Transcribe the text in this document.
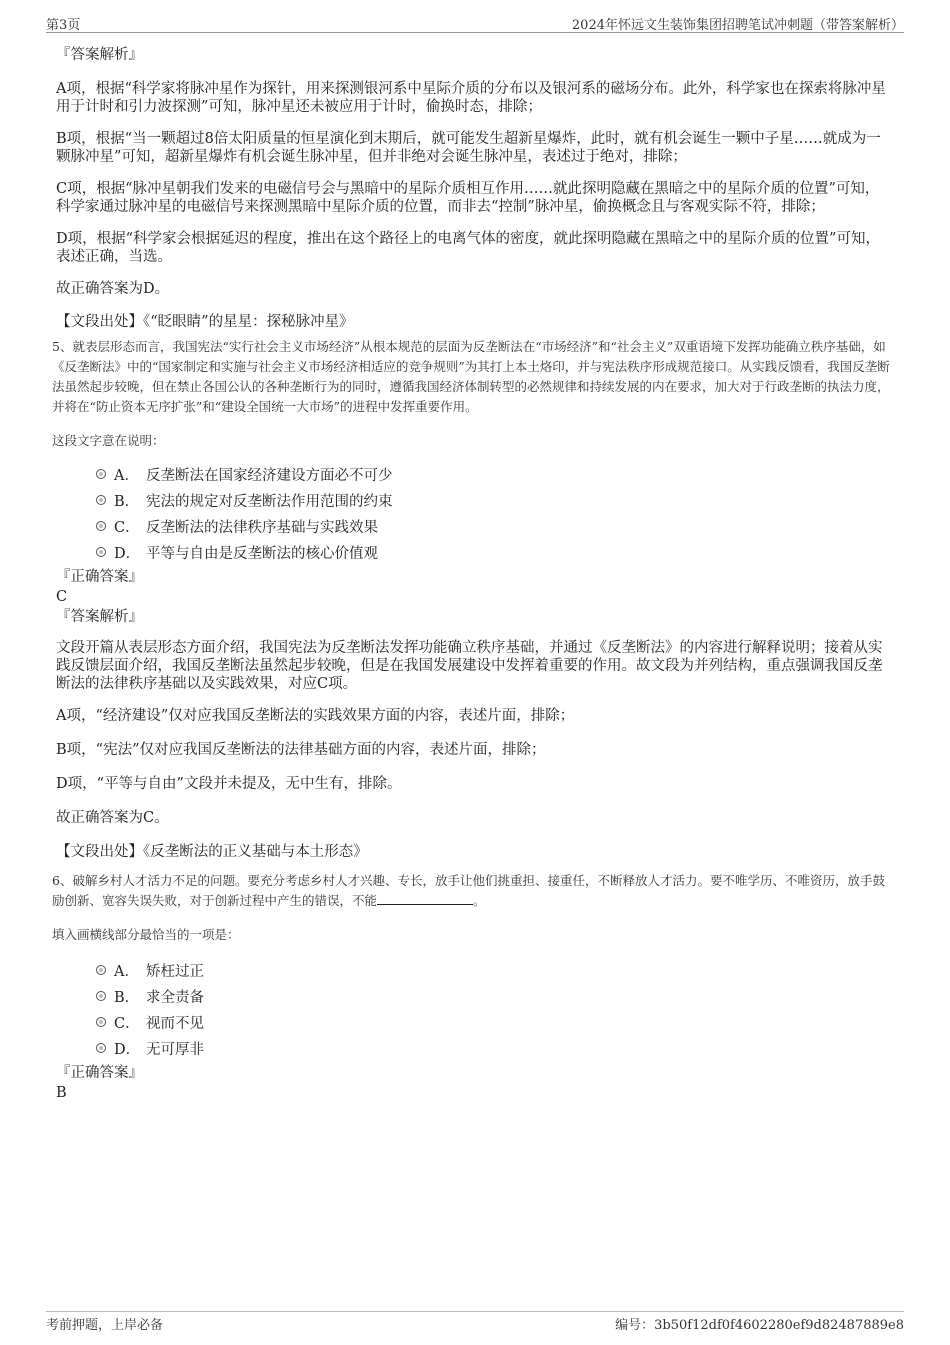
第3页	2024年怀远文生装饰集团招聘笔试冲刺题（带答案解析）

『答案解析』

A项，根据“科学家将脉冲星作为探针，用来探测银河系中星际介质的分布以及银河系的磁场分布。此外，科学家也在探索将脉冲星用于计时和引力波探测”可知，脉冲星还未被应用于计时，偷换时态，排除；

B项，根据“当一颗超过8倍太阳质量的恒星演化到末期后，就可能发生超新星爆炸，此时，就有机会诞生一颗中子星……就成为一颗脉冲星”可知，超新星爆炸有机会诞生脉冲星，但并非绝对会诞生脉冲星，表述过于绝对，排除；

C项，根据“脉冲星朝我们发来的电磁信号会与黑暗中的星际介质相互作用……就此探明隐藏在黑暗之中的星际介质的位置”可知，科学家通过脉冲星的电磁信号来探测黑暗中星际介质的位置，而非去“控制”脉冲星，偷换概念且与客观实际不符，排除；

D项，根据“科学家会根据延迟的程度，推出在这个路径上的电离气体的密度，就此探明隐藏在黑暗之中的星际介质的位置”可知，表述正确，当选。

故正确答案为D。

【文段出处】《“眨眼睛”的星星：探秘脉冲星》

5、就表层形态而言，我国宪法“实行社会主义市场经济”从根本规范的层面为反垄断法在“市场经济”和“社会主义”双重语境下发挥功能确立秩序基础，如《反垄断法》中的“国家制定和实施与社会主义市场经济相适应的竞争规则”为其打上本土烙印，并与宪法秩序形成规范接口。从实践反馈看，我国反垄断法虽然起步较晚，但在禁止各国公认的各种垄断行为的同时，遵循我国经济体制转型的必然规律和持续发展的内在要求，加大对于行政垄断的执法力度，并将在“防止资本无序扩张”和“建设全国统一大市场”的进程中发挥重要作用。

这段文字意在说明：

A． 反垄断法在国家经济建设方面必不可少
B． 宪法的规定对反垄断法作用范围的约束
C． 反垄断法的法律秩序基础与实践效果
D． 平等与自由是反垄断法的核心价值观

『正确答案』

C

『答案解析』

文段开篇从表层形态方面介绍，我国宪法为反垄断法发挥功能确立秩序基础，并通过《反垄断法》的内容进行解释说明；接着从实践反馈层面介绍，我国反垄断法虽然起步较晚，但是在我国发展建设中发挥着重要的作用。故文段为并列结构，重点强调我国反垄断法的法律秩序基础以及实践效果，对应C项。

A项，“经济建设”仅对应我国反垄断法的实践效果方面的内容，表述片面，排除；

B项，“宪法”仅对应我国反垄断法的法律基础方面的内容，表述片面，排除；

D项，“平等与自由”文段并未提及，无中生有，排除。

故正确答案为C。

【文段出处】《反垄断法的正义基础与本土形态》

6、破解乡村人才活力不足的问题。要充分考虑乡村人才兴趣、专长，放手让他们挑重担、接重任，不断释放人才活力。要不唯学历、不唯资历，放手鼓励创新、宽容失误失败，对于创新过程中产生的错误，不能	。

填入画横线部分最恰当的一项是：

A． 矫枉过正
B． 求全责备
C． 视而不见
D． 无可厚非

『正确答案』

B

考前押题，上岸必备	编号：3b50f12df0f4602280ef9d82487889e8
